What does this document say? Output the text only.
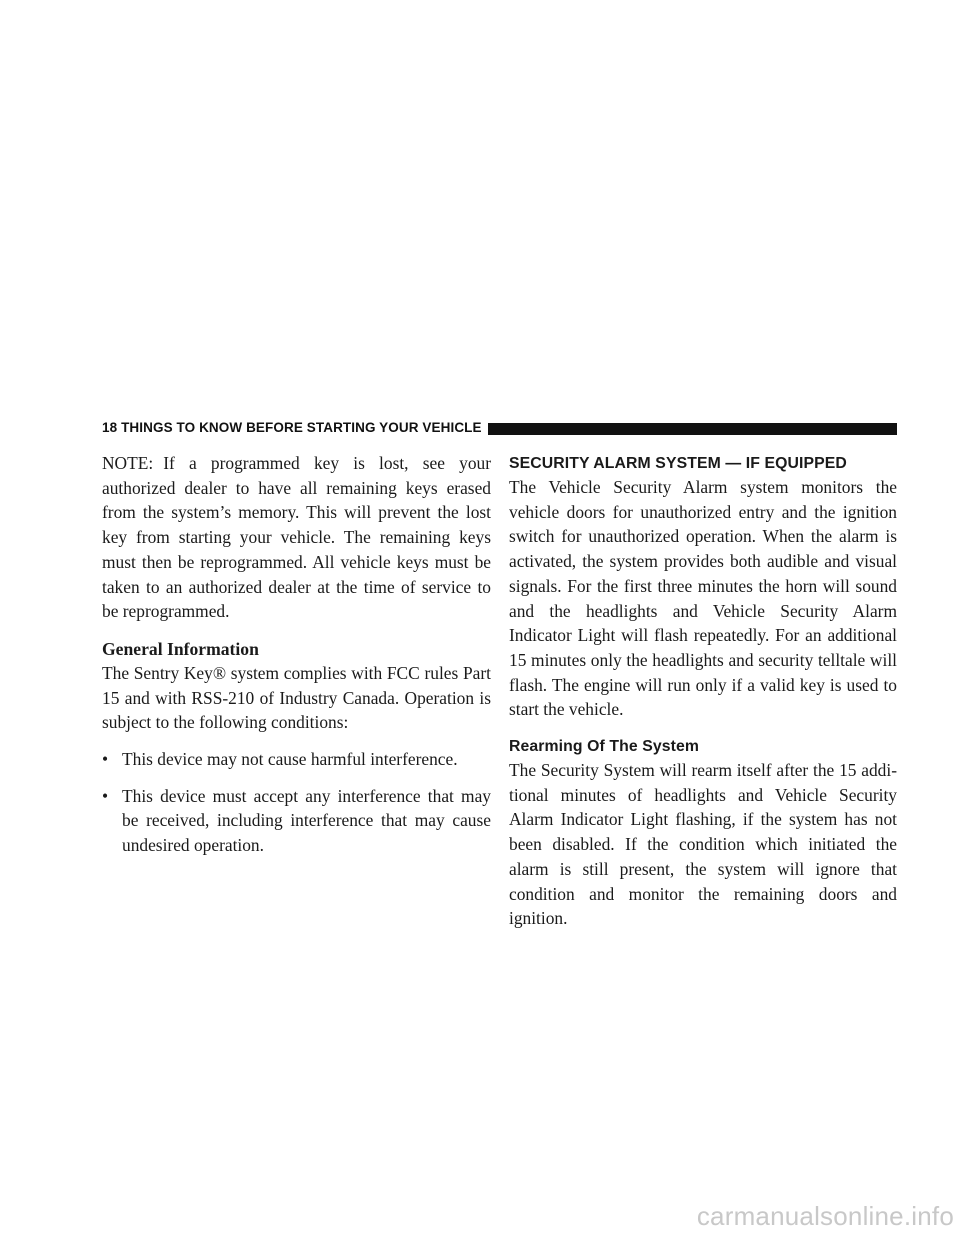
18 THINGS TO KNOW BEFORE STARTING YOUR VEHICLE

NOTE: If a programmed key is lost, see your authorized dealer to have all remaining keys erased from the system’s memory. This will prevent the lost key from starting your vehicle. The remaining keys must then be reprogrammed. All vehicle keys must be taken to an authorized dealer at the time of service to be reprogrammed.

General Information

The Sentry Key® system complies with FCC rules Part 15 and with RSS-210 of Industry Canada. Operation is subject to the following conditions:

• This device may not cause harmful interference.
• This device must accept any interference that may be received, including interference that may cause undesired operation.

SECURITY ALARM SYSTEM — IF EQUIPPED

The Vehicle Security Alarm system monitors the vehicle doors for unauthorized entry and the ignition switch for unauthorized operation. When the alarm is activated, the system provides both audible and visual signals. For the first three minutes the horn will sound and the headlights and Vehicle Security Alarm Indicator Light will flash repeatedly. For an additional 15 minutes only the headlights and security telltale will flash. The engine will run only if a valid key is used to start the vehicle.

Rearming Of The System

The Security System will rearm itself after the 15 additional minutes of headlights and Vehicle Security Alarm Indicator Light flashing, if the system has not been disabled. If the condition which initiated the alarm is still present, the system will ignore that condition and monitor the remaining doors and ignition.

carmanualsonline.info
